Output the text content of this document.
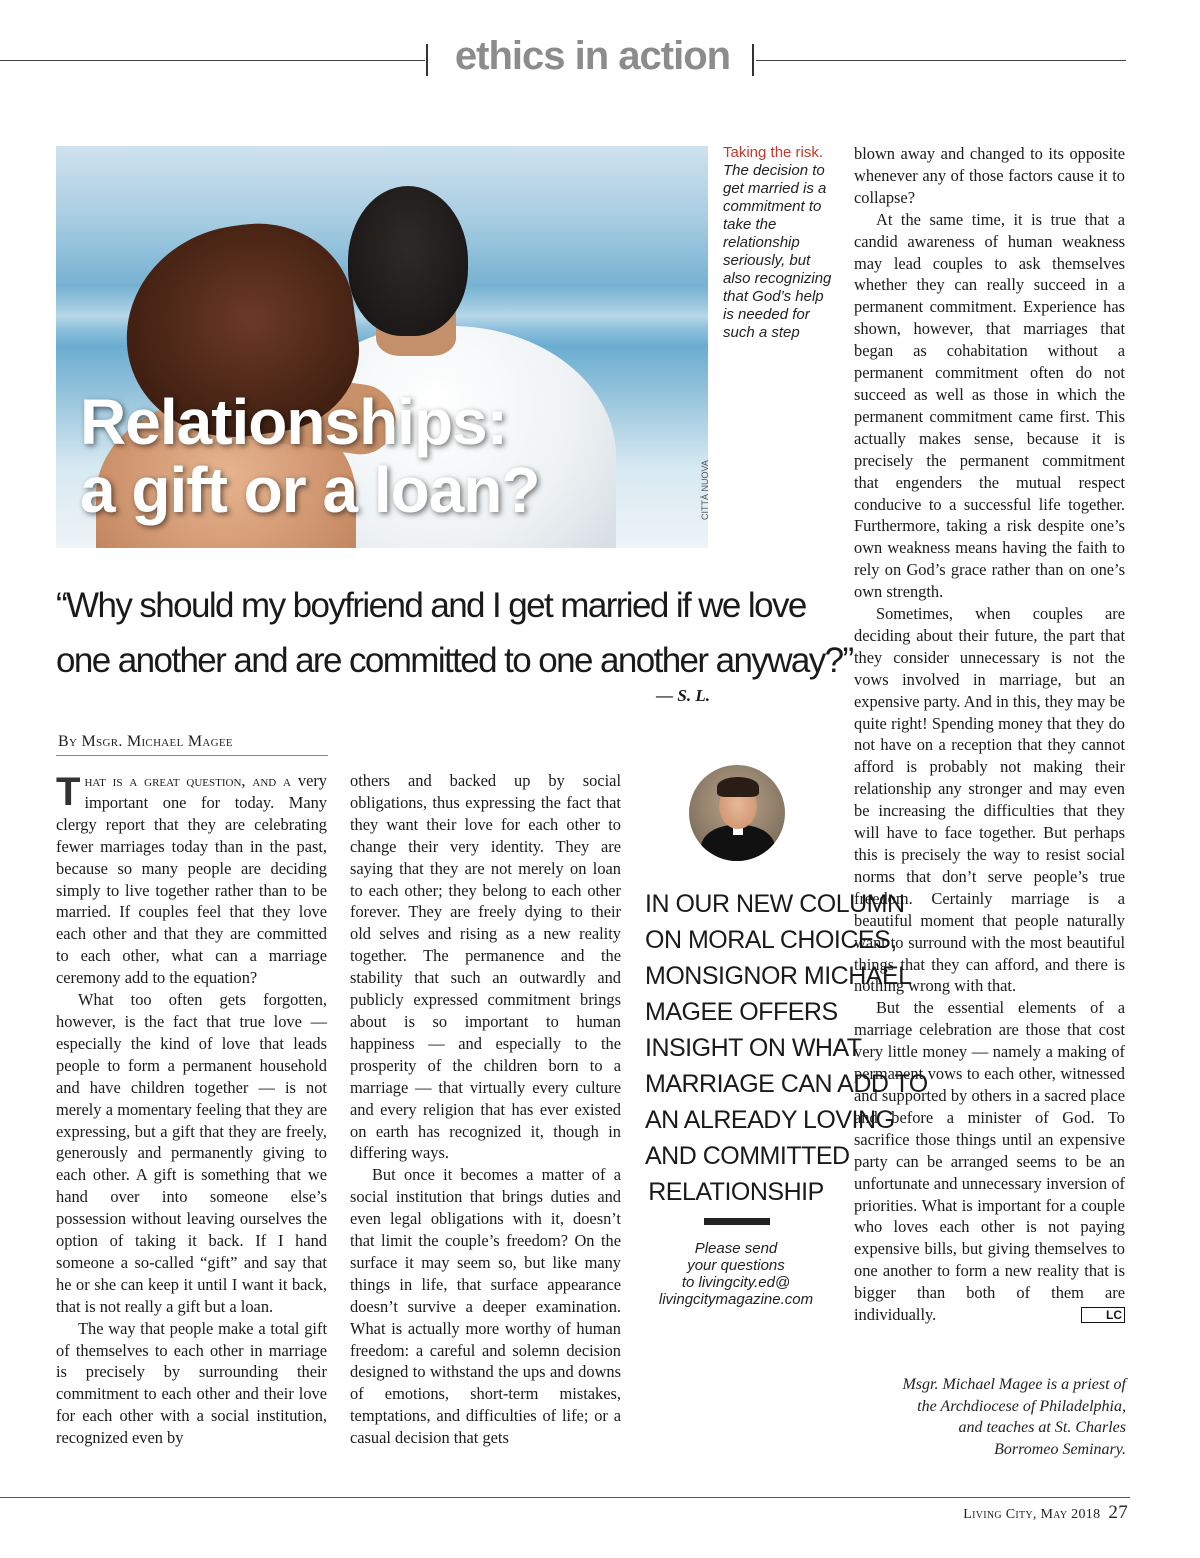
ethics in action
Relationships:
a gift or a loan?	CITTÀ NUOVA
Taking the risk. The decision to get married is a commitment to take the relationship seriously, but also recognizing that God’s help is needed for such a step
“Why should my boyfriend and I get married if we love
one another and are committed to one another anyway?”
— S. L.
By Msgr. Michael Magee

That is a great question, and a very important one for today. Many clergy report that they are celebrating fewer marriages today than in the past, because so many people are deciding simply to live together rather than to be married. If couples feel that they love each other and that they are committed to each other, what can a marriage ceremony add to the equation?

What too often gets forgotten, however, is the fact that true love — especially the kind of love that leads people to form a permanent household and have children together — is not merely a momentary feeling that they are expressing, but a gift that they are freely, generously and permanently giving to each other. A gift is something that we hand over into someone else’s possession without leaving ourselves the option of taking it back. If I hand someone a so-called “gift” and say that he or she can keep it until I want it back, that is not really a gift but a loan.

The way that people make a total gift of themselves to each other in marriage is precisely by surrounding their commitment to each other and their love for each other with a social institution, recognized even by

others and backed up by social obligations, thus expressing the fact that they want their love for each other to change their very identity. They are saying that they are not merely on loan to each other; they belong to each other forever. They are freely dying to their old selves and rising as a new reality together. The permanence and the stability that such an outwardly and publicly expressed commitment brings about is so important to human happiness — and especially to the prosperity of the children born to a marriage — that virtually every culture and every religion that has ever existed on earth has recognized it, though in differing ways.

But once it becomes a matter of a social institution that brings duties and even legal obligations with it, doesn’t that limit the couple’s freedom? On the surface it may seem so, but like many things in life, that surface appearance doesn’t survive a deeper examination. What is actually more worthy of human freedom: a careful and solemn decision designed to withstand the ups and downs of emotions, short-term mistakes, temptations, and difficulties of life; or a casual decision that gets

IN OUR NEW COLUMN
ON MORAL CHOICES,
MONSIGNOR MICHAEL
MAGEE OFFERS
INSIGHT ON WHAT
MARRIAGE CAN ADD TO
AN ALREADY LOVING
AND COMMITTED
RELATIONSHIP
Please send
your questions
to livingcity.ed@
livingcitymagazine.com

blown away and changed to its opposite whenever any of those factors cause it to collapse?

At the same time, it is true that a candid awareness of human weakness may lead couples to ask themselves whether they can really succeed in a permanent commitment. Experience has shown, however, that marriages that began as cohabitation without a permanent commitment often do not succeed as well as those in which the permanent commitment came first. This actually makes sense, because it is precisely the permanent commitment that engenders the mutual respect conducive to a successful life together. Furthermore, taking a risk despite one’s own weakness means having the faith to rely on God’s grace rather than on one’s own strength.

Sometimes, when couples are deciding about their future, the part that they consider unnecessary is not the vows involved in marriage, but an expensive party. And in this, they may be quite right! Spending money that they do not have on a reception that they cannot afford is probably not making their relationship any stronger and may even be increasing the difficulties that they will have to face together. But perhaps this is precisely the way to resist social norms that don’t serve people’s true freedom. Certainly marriage is a beautiful moment that people naturally want to surround with the most beautiful things that they can afford, and there is nothing wrong with that.

But the essential elements of a marriage celebration are those that cost very little money — namely a making of permanent vows to each other, witnessed and supported by others in a sacred place and before a minister of God. To sacrifice those things until an expensive party can be arranged seems to be an unfortunate and unnecessary inversion of priorities. What is important for a couple who loves each other is not paying expensive bills, but giving themselves to one another to form a new reality that is bigger than both of them are individually.	LC

Msgr. Michael Magee is a priest of
the Archdiocese of Philadelphia,
and teaches at St. Charles
Borromeo Seminary.
Living City, May 2018 27
